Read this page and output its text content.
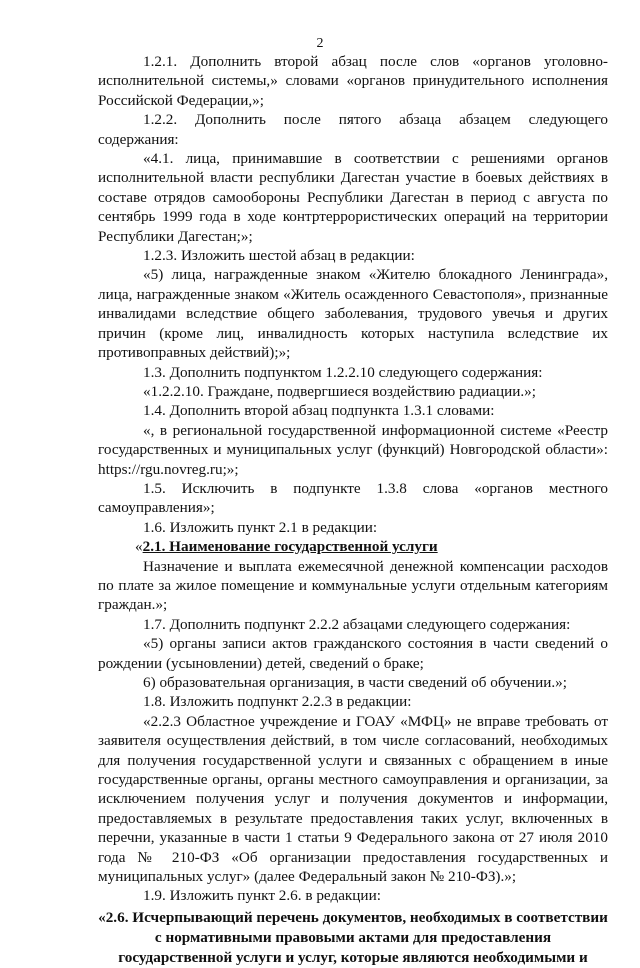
2

1.2.1. Дополнить второй абзац после слов «органов уголовно-исполнительной системы,» словами «органов принудительного исполнения Российской Федерации,»;

1.2.2. Дополнить после пятого абзаца абзацем следующего содержания:

«4.1. лица, принимавшие в соответствии с решениями органов исполнительной власти республики Дагестан участие в боевых действиях в составе отрядов самообороны Республики Дагестан в период с августа по сентябрь 1999 года в ходе контртеррористических операций на территории Республики Дагестан;»;

1.2.3. Изложить шестой абзац в редакции:

«5) лица, награжденные знаком «Жителю блокадного Ленинграда», лица, награжденные знаком «Житель осажденного Севастополя», признанные инвалидами вследствие общего заболевания, трудового увечья и других причин (кроме лиц, инвалидность которых наступила вследствие их противоправных действий);»;

1.3. Дополнить подпунктом 1.2.2.10 следующего содержания:

«1.2.2.10. Граждане, подвергшиеся воздействию радиации.»;

1.4. Дополнить второй абзац подпункта 1.3.1 словами:

«, в региональной государственной информационной системе «Реестр государственных и муниципальных услуг (функций) Новгородской области»: https://rgu.novreg.ru;»;

1.5. Исключить в подпункте 1.3.8 слова «органов местного

самоуправления»;

1.6. Изложить пункт 2.1 в редакции:

«2.1. Наименование государственной услуги

Назначение и выплата ежемесячной денежной компенсации расходов по плате за жилое помещение и коммунальные услуги отдельным категориям граждан.»;

1.7. Дополнить подпункт 2.2.2 абзацами следующего содержания:

«5) органы записи актов гражданского состояния в части сведений о рождении (усыновлении) детей, сведений о браке;

6) образовательная организация, в части сведений об обучении.»;

1.8. Изложить подпункт 2.2.3 в редакции:

«2.2.3 Областное учреждение и ГОАУ «МФЦ» не вправе требовать от заявителя осуществления действий, в том числе согласований, необходимых для получения государственной услуги и связанных с обращением в иные государственные органы, органы местного самоуправления и организации, за исключением получения услуг и получения документов и информации, предоставляемых в результате предоставления таких услуг, включенных в перечни, указанные в части 1 статьи 9 Федерального закона от 27 июля 2010 года № 210-ФЗ «Об организации предоставления государственных и муниципальных услуг» (далее Федеральный закон № 210-ФЗ).»;

1.9. Изложить пункт 2.6. в редакции:

«2.6. Исчерпывающий перечень документов, необходимых в соответствии с нормативными правовыми актами для предоставления государственной услуги и услуг, которые являются необходимыми и
